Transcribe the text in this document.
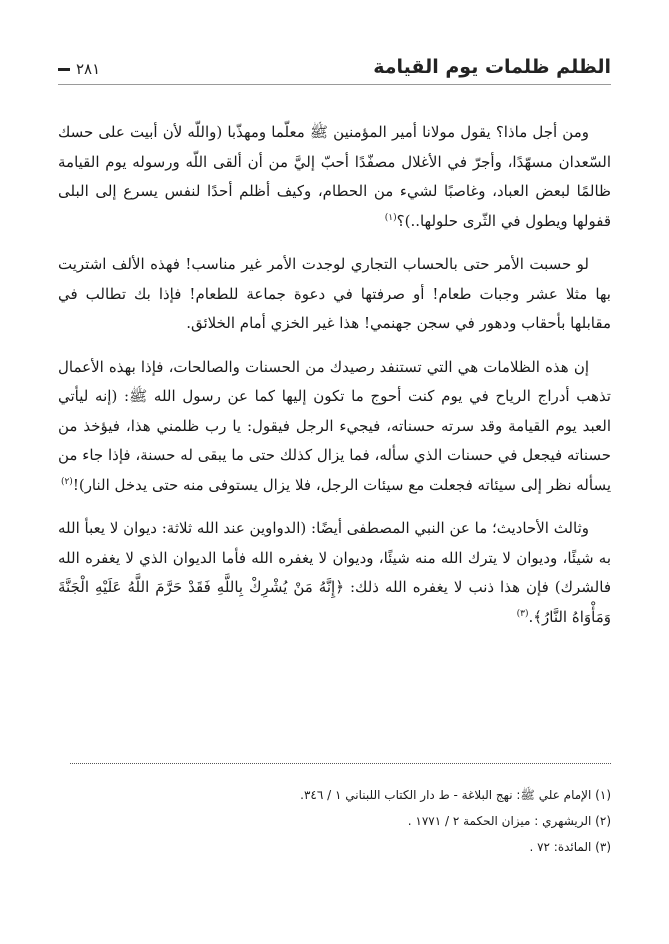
الظلم ظلمات يوم القيامة
٢٨١

ومن أجل ماذا؟ يقول مولانا أمير المؤمنين ﷺ معلّما ومهذّبا (واللّه لأن أبيت على حسك السّعدان مسهّدًا، وأجرّ في الأغلال مصفّدًا أحبّ إليَّ من أن ألقى اللّه ورسوله يوم القيامة ظالمًا لبعض العباد، وغاصبًا لشيء من الحطام، وكيف أظلم أحدًا لنفس يسرع إلى البلى قفولها ويطول في الثّرى حلولها..)؟$^{(١)}$

لو حسبت الأمر حتى بالحساب التجاري لوجدت الأمر غير مناسب! فهذه الألف اشتريت بها مثلا عشر وجبات طعام! أو صرفتها في دعوة جماعة للطعام! فإذا بك تطالب في مقابلها بأحقاب ودهور في سجن جهنمي! هذا غير الخزي أمام الخلائق.

إن هذه الظلامات هي التي تستنفد رصيدك من الحسنات والصالحات، فإذا بهذه الأعمال تذهب أدراج الرياح في يوم كنت أحوج ما تكون إليها كما عن رسول الله ﷺ: (إنه ليأتي العبد يوم القيامة وقد سرته حسناته، فيجيء الرجل فيقول: يا رب ظلمني هذا، فيؤخذ من حسناته فيجعل في حسنات الذي سأله، فما يزال كذلك حتى ما يبقى له حسنة، فإذا جاء من يسأله نظر إلى سيئاته فجعلت مع سيئات الرجل، فلا يزال يستوفى منه حتى يدخل النار)!$^{(٢)}$

وثالث الأحاديث؛ ما عن النبي المصطفى أيضًا: (الدواوين عند الله ثلاثة: ديوان لا يعبأ الله به شيئًا، وديوان لا يترك الله منه شيئًا، وديوان لا يغفره الله فأما الديوان الذي لا يغفره الله فالشرك) فإن هذا ذنب لا يغفره الله ذلك: ﴿إِنَّهُ مَنْ يُشْرِكْ بِاللَّهِ فَقَدْ حَرَّمَ اللَّهُ عَلَيْهِ الْجَنَّةَ وَمَأْوَاهُ النَّارُ﴾.$^{(٣)}$

(١) الإمام علي ﷺ: نهج البلاغة - ط دار الكتاب اللبناني ١ / ٣٤٦.
(٢) الريشهري : ميزان الحكمة ٢ / ١٧٧١ .
(٣) المائدة: ٧٢ .
